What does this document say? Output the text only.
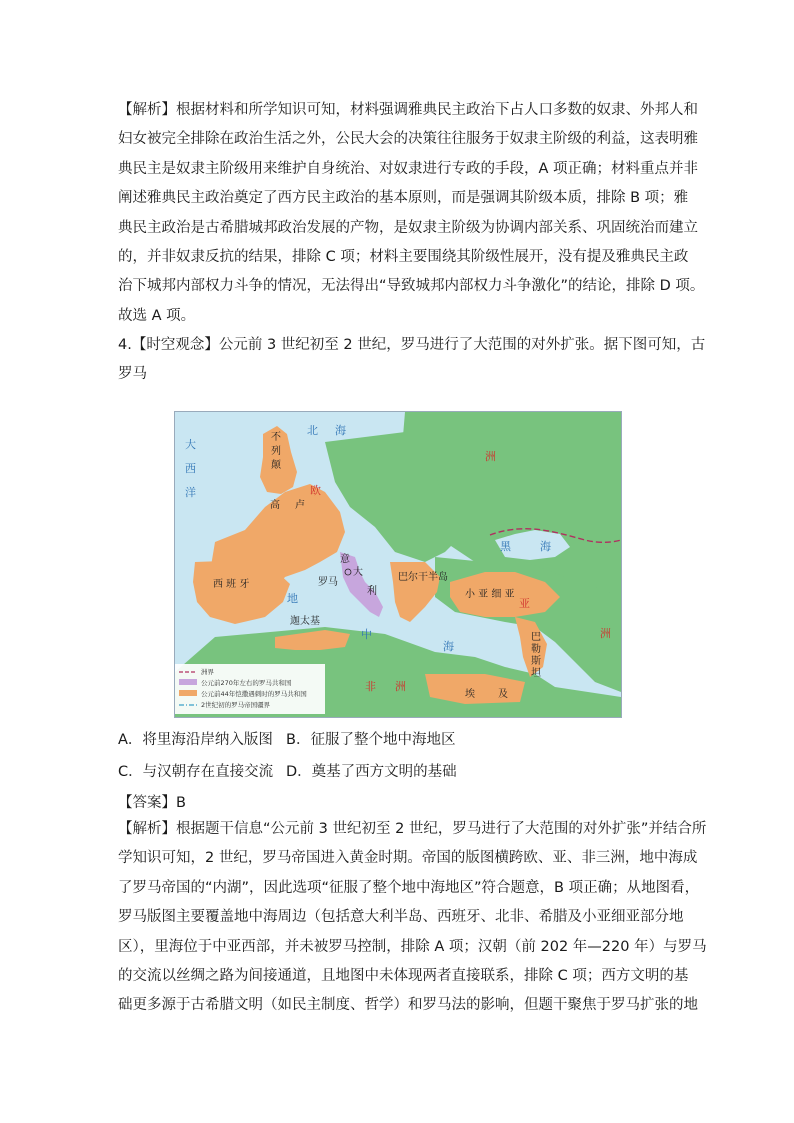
【解析】根据材料和所学知识可知，材料强调雅典民主政治下占人口多数的奴隶、外邦人和
妇女被完全排除在政治生活之外，公民大会的决策往往服务于奴隶主阶级的利益，这表明雅
典民主是奴隶主阶级用来维护自身统治、对奴隶进行专政的手段，A 项正确；材料重点并非
阐述雅典民主政治奠定了西方民主政治的基本原则，而是强调其阶级本质，排除 B 项；雅
典民主政治是古希腊城邦政治发展的产物，是奴隶主阶级为协调内部关系、巩固统治而建立
的，并非奴隶反抗的结果，排除 C 项；材料主要围绕其阶级性展开，没有提及雅典民主政
治下城邦内部权力斗争的情况，无法得出“导致城邦内部权力斗争激化”的结论，排除 D 项。
故选 A 项。
4.【时空观念】公元前 3 世纪初至 2 世纪，罗马进行了大范围的对外扩张。据下图可知，古
罗马
大
西
洋
北 海
不
列
颠
高 卢
欧
洲
亚
洲
非 洲
黑	海
西 班 牙
意
大
利
罗马	巴尔干半岛
小 亚 细 亚
迦太基
地
中
海
巴
勒
斯
坦
埃 及
洲界
公元前270年左右的罗马共和国
公元前44年恺撒遇刺时的罗马共和国
2世纪初的罗马帝国疆界
A．将里海沿岸纳入版图 B．征服了整个地中海地区
C．与汉朝存在直接交流 D．奠基了西方文明的基础
【答案】B
【解析】根据题干信息“公元前 3 世纪初至 2 世纪，罗马进行了大范围的对外扩张”并结合所
学知识可知，2 世纪，罗马帝国进入黄金时期。帝国的版图横跨欧、亚、非三洲，地中海成
了罗马帝国的“内湖”，因此选项“征服了整个地中海地区”符合题意，B 项正确；从地图看，
罗马版图主要覆盖地中海周边（包括意大利半岛、西班牙、北非、希腊及小亚细亚部分地
区），里海位于中亚西部，并未被罗马控制，排除 A 项；汉朝（前 202 年—220 年）与罗马
的交流以丝绸之路为间接通道，且地图中未体现两者直接联系，排除 C 项；西方文明的基
础更多源于古希腊文明（如民主制度、哲学）和罗马法的影响，但题干聚焦于罗马扩张的地
